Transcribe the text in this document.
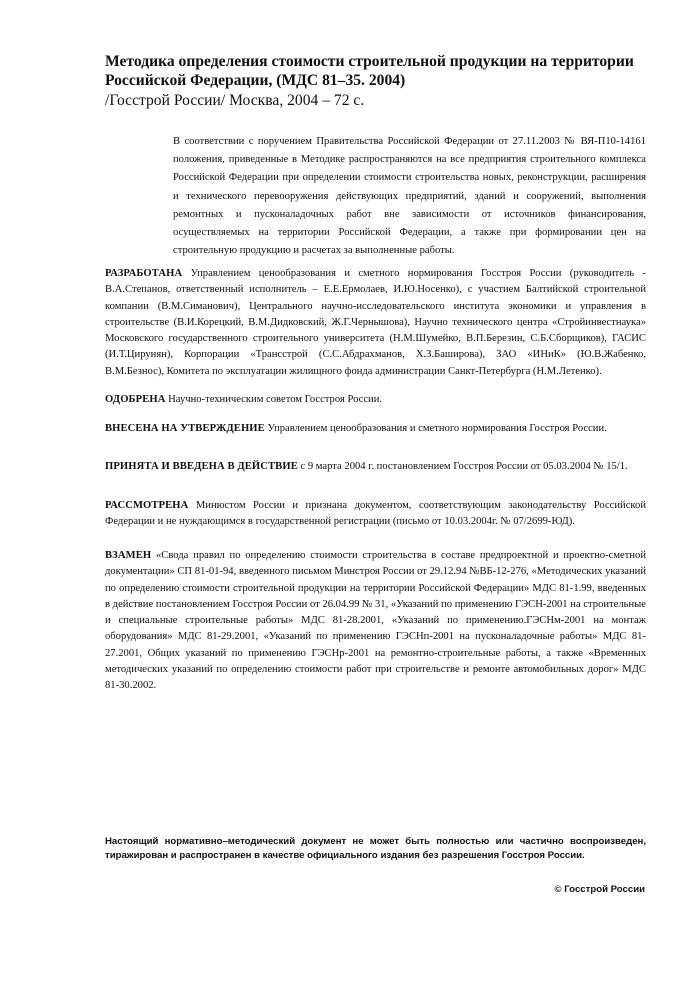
Методика определения стоимости строительной продукции на территории Российской Федерации, (МДС 81–35. 2004)
/Госстрой России/ Москва, 2004 – 72 с.
В соответствии с поручением Правительства Российской Федерации от 27.11.2003 № ВЯ-П10-14161 положения, приведенные в Методике распространяются на все предприятия строительного комплекса Российской Федерации при определении стоимости строительства новых, реконструкции, расширения и технического перевооружения действующих предприятий, зданий и сооружений, выполнения ремонтных и пусконаладочных работ вне зависимости от источников финансирования, осуществляемых на территории Российской Федерации, а также при формировании цен на строительную продукцию и расчетах за выполненные работы.
РАЗРАБОТАНА Управлением ценообразования и сметного нормирования Госстроя России (руководитель - В.А.Степанов, ответственный исполнитель – Е.Е.Ермолаев, И.Ю.Носенко), с участием Балтийской строительной компании (В.М.Симанович), Центрального научно-исследовательского института экономики и управления в строительстве (В.И.Корецкий, В.М.Дидковский, Ж.Г.Чернышова), Научно технического центра «Стройинвестнаука» Московского государственного строительного университета (Н.М.Шумейко, В.П.Березин, С.Б.Сборщиков), ГАСИС (И.Т.Цирунян), Корпорации «Трансстрой (С.С.Абдрахманов, Х.З.Баширова), ЗАО «ИНиК» (Ю.В.Жабенко, В.М.Безнос), Комитета по эксплуатации жилищного фонда администрации Санкт-Петербурга (Н.М.Летенко).
ОДОБРЕНА Научно-техническим советом Госстроя России.
ВНЕСЕНА НА УТВЕРЖДЕНИЕ Управлением ценообразования и сметного нормирования Госстроя России.
ПРИНЯТА И ВВЕДЕНА В ДЕЙСТВИЕ с 9 марта 2004 г. постановлением Госстроя России от 05.03.2004 № 15/1.
РАССМОТРЕНА Минюстом России и признана документом, соответствующим законодательству Российской Федерации и не нуждающимся в государственной регистрации (письмо от 10.03.2004г. № 07/2699-ЮД).
ВЗАМЕН «Свода правил по определению стоимости строительства в составе предпроектной и проектно-сметной документации» СП 81-01-94, введенного письмом Минстроя России от 29.12.94 №ВБ-12-276, «Методических указаний по определению стоимости строительной продукции на территории Российской Федерации» МДС 81-1.99, введенных в действие постановлением Госстроя России от 26.04.99 № 31, «Указаний по применению ГЭСН-2001 на строительные и специальные строительные работы» МДС 81-28.2001, «Указаний по применению.ГЭСНм-2001 на монтаж оборудования» МДС 81-29.2001, «Указаний по применению ГЭСНп-2001 на пусконаладочные работы» МДС 81-27.2001, Общих указаний по применению ГЭСНр-2001 на ремонтно-строительные работы, а также «Временных методических указаний по определению стоимости работ при строительстве и ремонте автомобильных дорог» МДС 81-30.2002.
Настоящий нормативно–методический документ не может быть полностью или частично воспроизведен, тиражирован и распространен в качестве официального издания без разрешения Госстроя России.
© Госстрой России
